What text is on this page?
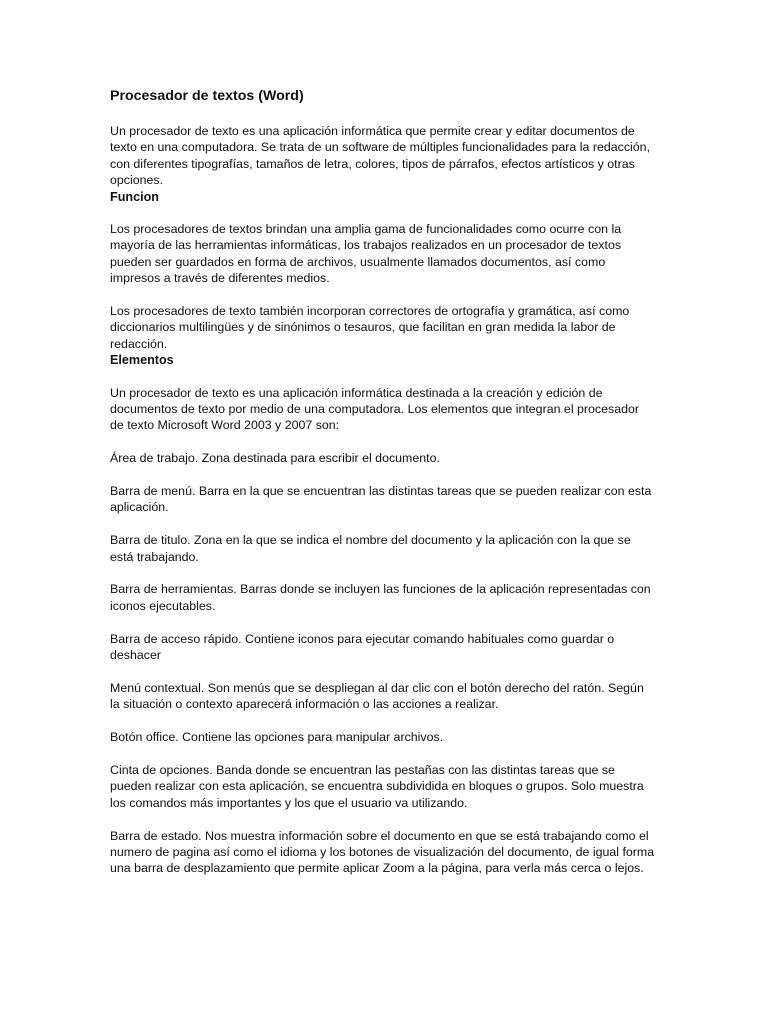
Procesador de textos (Word)

Un procesador de texto es una aplicación informática que permite crear y editar documentos de texto en una computadora. Se trata de un software de múltiples funcionalidades para la redacción, con diferentes tipografías, tamaños de letra, colores, tipos de párrafos, efectos artísticos y otras opciones.

Funcion

Los procesadores de textos brindan una amplia gama de funcionalidades como ocurre con la mayoría de las herramientas informáticas, los trabajos realizados en un procesador de textos pueden ser guardados en forma de archivos, usualmente llamados documentos, así como impresos a través de diferentes medios.

Los procesadores de texto también incorporan correctores de ortografía y gramática, así como diccionarios multilingües y de sinónimos o tesauros, que facilitan en gran medida la labor de redacción.

Elementos

Un procesador de texto es una aplicación informática destinada a la creación y edición de documentos de texto por medio de una computadora. Los elementos que integran el procesador de texto Microsoft Word 2003 y 2007 son:

Área de trabajo. Zona destinada para escribir el documento.

Barra de menú. Barra en la que se encuentran las distintas tareas que se pueden realizar con esta aplicación.

Barra de titulo. Zona en la que se indica el nombre del documento y la aplicación con la que se está trabajando.

Barra de herramientas. Barras donde se incluyen las funciones de la aplicación representadas con iconos ejecutables.

Barra de acceso rápido. Contiene iconos para ejecutar comando habituales como guardar o deshacer

Menú contextual. Son menús que se despliegan al dar clic con el botón derecho del ratón. Según la situación o contexto aparecerá información o las acciones a realizar.

Botón office. Contiene las opciones para manipular archivos.

Cinta de opciones. Banda donde se encuentran las pestañas con las distintas tareas que se pueden realizar con esta aplicación, se encuentra subdividida en bloques o grupos. Solo muestra los comandos más importantes y los que el usuario va utilizando.

Barra de estado. Nos muestra información sobre el documento en que se está trabajando como el numero de pagina así como el idioma y los botones de visualización del documento, de igual forma una barra de desplazamiento que permite aplicar Zoom a la página, para verla más cerca o lejos.
